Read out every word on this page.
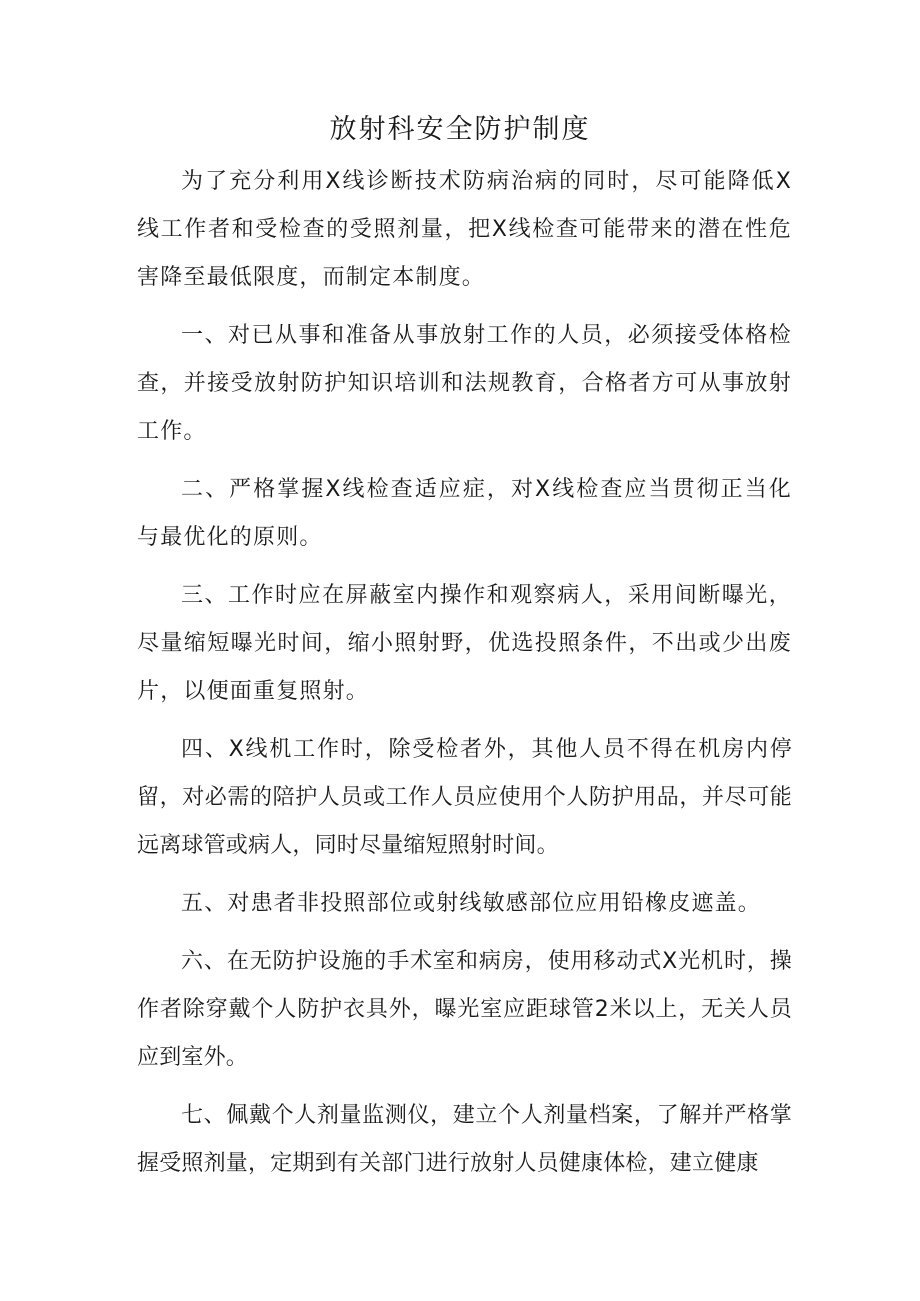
放射科安全防护制度

为了充分利用X线诊断技术防病治病的同时，尽可能降低X线工作者和受检查的受照剂量，把X线检查可能带来的潜在性危害降至最低限度，而制定本制度。

一、对已从事和准备从事放射工作的人员，必须接受体格检查，并接受放射防护知识培训和法规教育，合格者方可从事放射工作。

二、严格掌握X线检查适应症，对X线检查应当贯彻正当化与最优化的原则。

三、工作时应在屏蔽室内操作和观察病人，采用间断曝光，尽量缩短曝光时间，缩小照射野，优选投照条件，不出或少出废片，以便面重复照射。

四、X线机工作时，除受检者外，其他人员不得在机房内停留，对必需的陪护人员或工作人员应使用个人防护用品，并尽可能远离球管或病人，同时尽量缩短照射时间。

五、对患者非投照部位或射线敏感部位应用铅橡皮遮盖。

六、在无防护设施的手术室和病房，使用移动式X光机时，操作者除穿戴个人防护衣具外，曝光室应距球管2米以上，无关人员应到室外。

七、佩戴个人剂量监测仪，建立个人剂量档案，了解并严格掌握受照剂量，定期到有关部门进行放射人员健康体检，建立健康
